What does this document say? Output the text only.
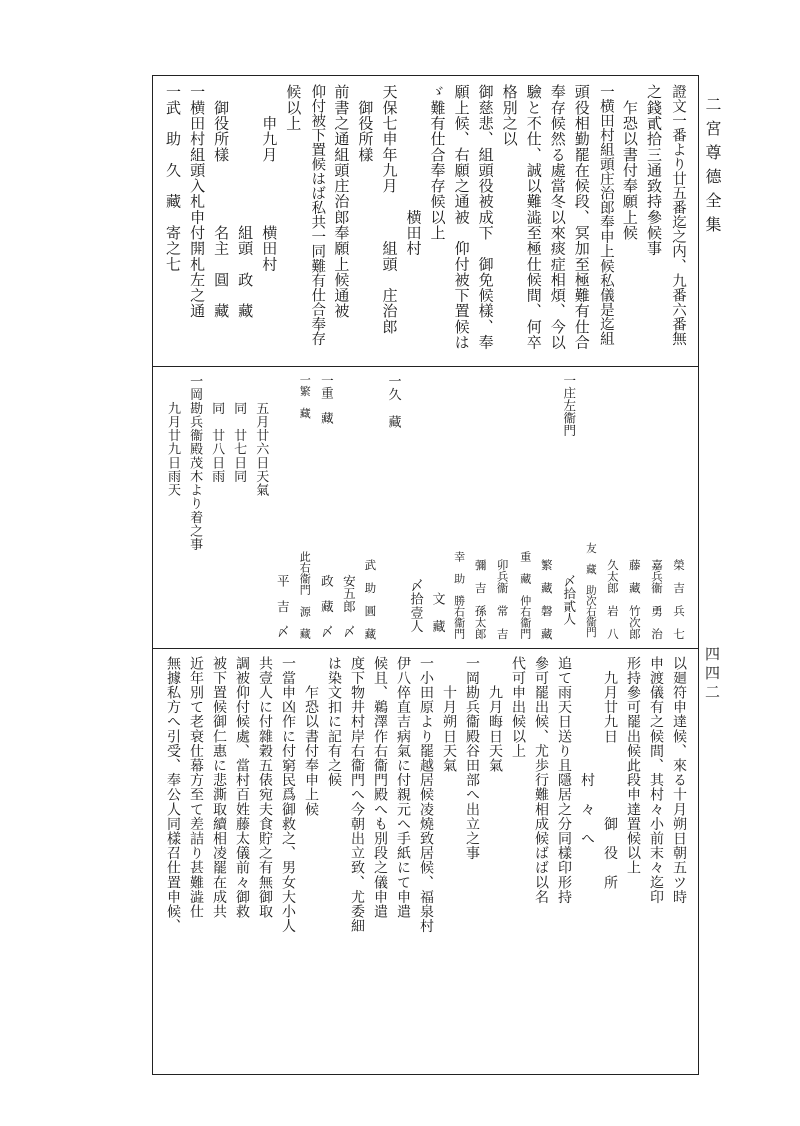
二宮尊德全集
四四二
證文一番より廿五番迄之内、九番六番無
之錢貳拾三通致持參候事
　乍恐以書付奉願上候
一横田村組頭庄治郎奉申上候私儀是迄組
頭役相勤罷在候段、冥加至極難有仕合
奉存候然る處當冬以來痰症相煩、今以
驗と不仕、誠以難澁至極仕候間、何卒
格別之以
御慈悲、組頭役被成下　御免候樣、奉
願上候、右願之通被　仰付被下置候は
ゞ難有仕合奉存候以上
　　　　　　　　横田村
天保七申年九月　　　組頭　庄治郎
　御役所樣
前書之通組頭庄治郎奉願上候通被
仰付被下置候はば私共一同難有仕合奉存
候以上
　　申九月　　　　横田村
　　　　　　　　　組頭　政　藏
　御役所樣　　　　名主　圓　藏
一横田村組頭入札申付開札左之通
一武　助　久　藏　寄之七
　　　　　　　　　　　　　　　　榮　吉　兵　七
　　　　　　　　　　　　　　　　嘉兵衞　勇　治
　　　　　　　　　　　　　　　　藤　藏　竹次郎
　　　　　　　　　　　　　　　　久太郎　岩　八
　　　　　　　　　　　　　　　　友　藏　助次右衞門
一庄左衞門　　　　　　　　　　　〆拾貳人
　　　　　　　　　　　　　　　　繁　藏　磐　藏
　　　　　　　　　　　　　　　　重　藏　仲右衞門
　　　　　　　　　　　　　　　　卯兵衞　常　吉
　　　　　　　　　　　　　　　　彌　吉　孫太郎
　　　　　　　　　　　　　　　　幸　助　勝右衞門
　　　　　　　　　　　　　　　　文　藏
　　　　　　　　　　　　　　　〆拾壹人
一久　藏
　　　　　　　　　　　　　　　　武　助　圓　藏
　　　　　　　　　　　　　　　　安五郎　〆
一重　藏　　　　　　　　　　　　政　藏　〆
一繁　藏　　　　　　　　　　　　此右衞門　源　藏
　　　　　　　　　　　　　　　　平　吉　〆
　　五月廿六日天氣
　　同　廿七日同
　　同　廿八日雨
一岡勘兵衞殿茂木より着之事
　　九月廿九日雨天
以廻符申達候、來る十月朔日朝五ツ時
申渡儀有之候間、其村々小前末々迄印
形持參可罷出候此段申達置候以上
　九月廿九日　　　　　御　役　所
　　　　　　　　村　々　へ
追て雨天日送り且隱居之分同樣印形持
參可罷出候、尤歩行難相成候ばば以名
代可申出候以上
　　九月晦日天氣
一岡勘兵衞殿谷田部へ出立之事
　　十月朔日天氣
一小田原より罷越居候凌燒致居候、福泉村
伊八倅直吉病氣に付親元へ手紙にて申遣
候且、鵜澤作右衞門殿へも別段之儀申遣
度下物井村岸右衞門へ今朝出立致、尤委細
は染文扣に記有之候
　　乍恐以書付奉申上候
一當申凶作に付窮民爲御救之、男女大小人
共壹人に付雜穀五俵宛夫食貯之有無御取
調被仰付候處、當村百姓藤太儀前々御救
被下置候御仁惠に悲澌取續相凌罷在成共
近年別て老衰仕幕方至て差詰り甚難澁仕
無據私方へ引受、奉公人同樣召仕置申候、
